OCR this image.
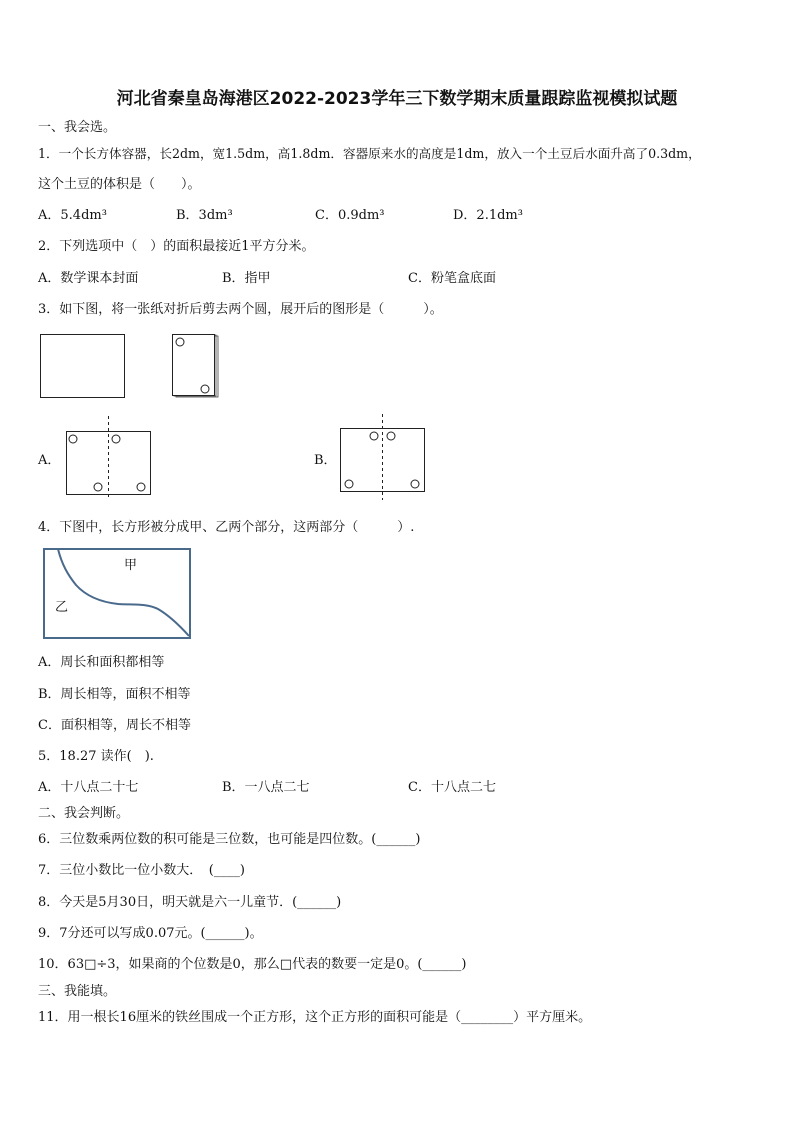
河北省秦皇岛海港区2022-2023学年三下数学期末质量跟踪监视模拟试题
一、我会选。
1．一个长方体容器，长2dm，宽1.5dm，高1.8dm．容器原来水的高度是1dm，放入一个土豆后水面升高了0.3dm，
这个土豆的体积是（　　）。
A．5.4dm³	B．3dm³	C．0.9dm³	D．2.1dm³
2．下列选项中（　）的面积最接近1平方分米。
A．数学课本封面	B．指甲	C．粉笔盒底面
3．如下图，将一张纸对折后剪去两个圆，展开后的图形是（　　　）。
A．	B．
4．下图中，长方形被分成甲、乙两个部分，这两部分（　　　）.
甲
乙
A．周长和面积都相等
B．周长相等，面积不相等
C．面积相等，周长不相等
5．18.27 读作(　).
A．十八点二十七	B．一八点二七	C．十八点二七
二、我会判断。
6．三位数乘两位数的积可能是三位数，也可能是四位数。(______)
7．三位小数比一位小数大．　(____)
8．今天是5月30日，明天就是六一儿童节．(______)
9．7分还可以写成0.07元。(______)。
10．63□÷3，如果商的个位数是0，那么□代表的数要一定是0。(______)
三、我能填。
11．用一根长16厘米的铁丝围成一个正方形，这个正方形的面积可能是（________）平方厘米。
